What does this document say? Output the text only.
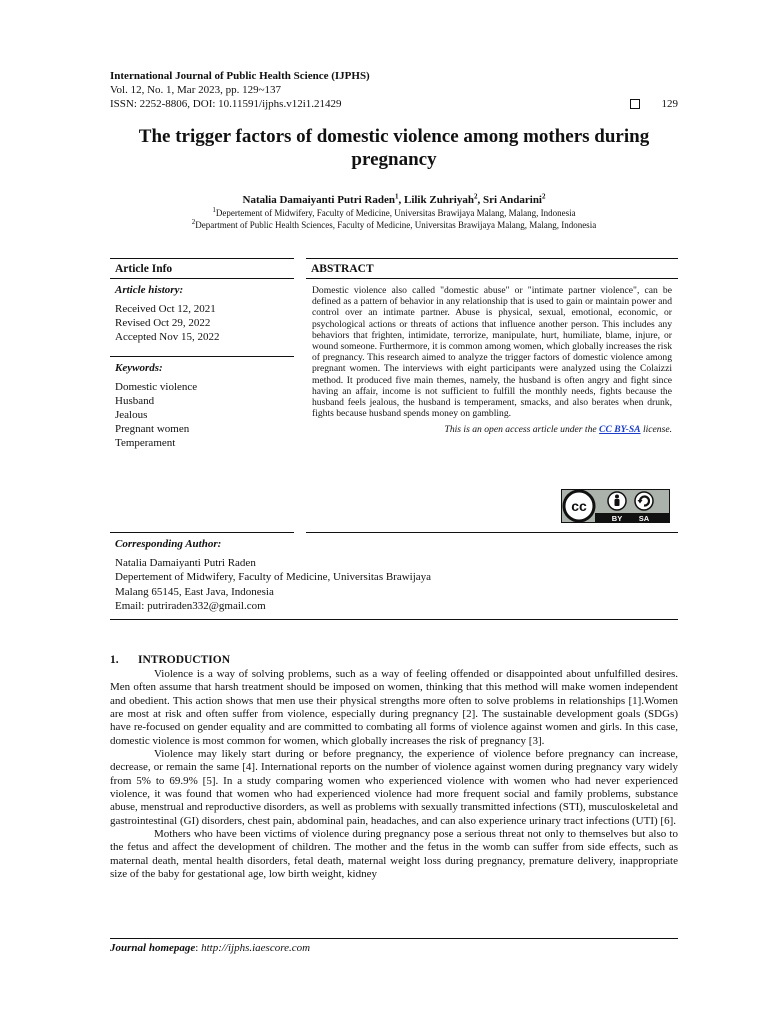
International Journal of Public Health Science (IJPHS)
Vol. 12, No. 1, Mar 2023, pp. 129~137
ISSN: 2252-8806, DOI: 10.11591/ijphs.v12i1.21429	129
The trigger factors of domestic violence among mothers during pregnancy
Natalia Damaiyanti Putri Raden$^1$, Lilik Zuhriyah$^2$, Sri Andarini$^2$
$^1$Depertement of Midwifery, Faculty of Medicine, Universitas Brawijaya Malang, Malang, Indonesia
$^2$Department of Public Health Sciences, Faculty of Medicine, Universitas Brawijaya Malang, Malang, Indonesia
Article Info
Article history:
Received Oct 12, 2021
Revised Oct 29, 2022
Accepted Nov 15, 2022
Keywords:
Domestic violence
Husband
Jealous
Pregnant women
Temperament
ABSTRACT
Domestic violence also called "domestic abuse" or "intimate partner violence", can be defined as a pattern of behavior in any relationship that is used to gain or maintain power and control over an intimate partner. Abuse is physical, sexual, emotional, economic, or psychological actions or threats of actions that influence another person. This includes any behaviors that frighten, intimidate, terrorize, manipulate, hurt, humiliate, blame, injure, or wound someone. Furthermore, it is common among women, which globally increases the risk of pregnancy. This research aimed to analyze the trigger factors of domestic violence among pregnant women. The interviews with eight participants were analyzed using the Colaizzi method. It produced five main themes, namely, the husband is often angry and fight since having an affair, income is not sufficient to fulfill the monthly needs, fights because the husband feels jealous, the husband is temperament, smacks, and also berates when drunk, fights because husband spends money on gambling.
This is an open access article under the CC BY-SA license.
cc
BY SA
Corresponding Author:
Natalia Damaiyanti Putri Raden
Depertement of Midwifery, Faculty of Medicine, Universitas Brawijaya
Malang 65145, East Java, Indonesia
Email: putriraden332@gmail.com
1. INTRODUCTION

Violence is a way of solving problems, such as a way of feeling offended or disappointed about unfulfilled desires. Men often assume that harsh treatment should be imposed on women, thinking that this method will make women independent and obedient. This action shows that men use their physical strengths more often to solve problems in relationships [1].Women are most at risk and often suffer from violence, especially during pregnancy [2]. The sustainable development goals (SDGs) have re-focused on gender equality and are committed to combating all forms of violence against women and girls. In this case, domestic violence is most common for women, which globally increases the risk of pregnancy [3].

Violence may likely start during or before pregnancy, the experience of violence before pregnancy can increase, decrease, or remain the same [4]. International reports on the number of violence against women during pregnancy vary widely from 5% to 69.9% [5]. In a study comparing women who experienced violence with women who had never experienced violence, it was found that women who had experienced violence had more frequent social and family problems, substance abuse, menstrual and reproductive disorders, as well as problems with sexually transmitted infections (STI), musculoskeletal and gastrointestinal (GI) disorders, chest pain, abdominal pain, headaches, and can also experience urinary tract infections (UTI) [6].

Mothers who have been victims of violence during pregnancy pose a serious threat not only to themselves but also to the fetus and affect the development of children. The mother and the fetus in the womb can suffer from side effects, such as maternal death, mental health disorders, fetal death, maternal weight loss during pregnancy, premature delivery, inappropriate size of the baby for gestational age, low birth weight, kidney

Journal homepage: http://ijphs.iaescore.com
